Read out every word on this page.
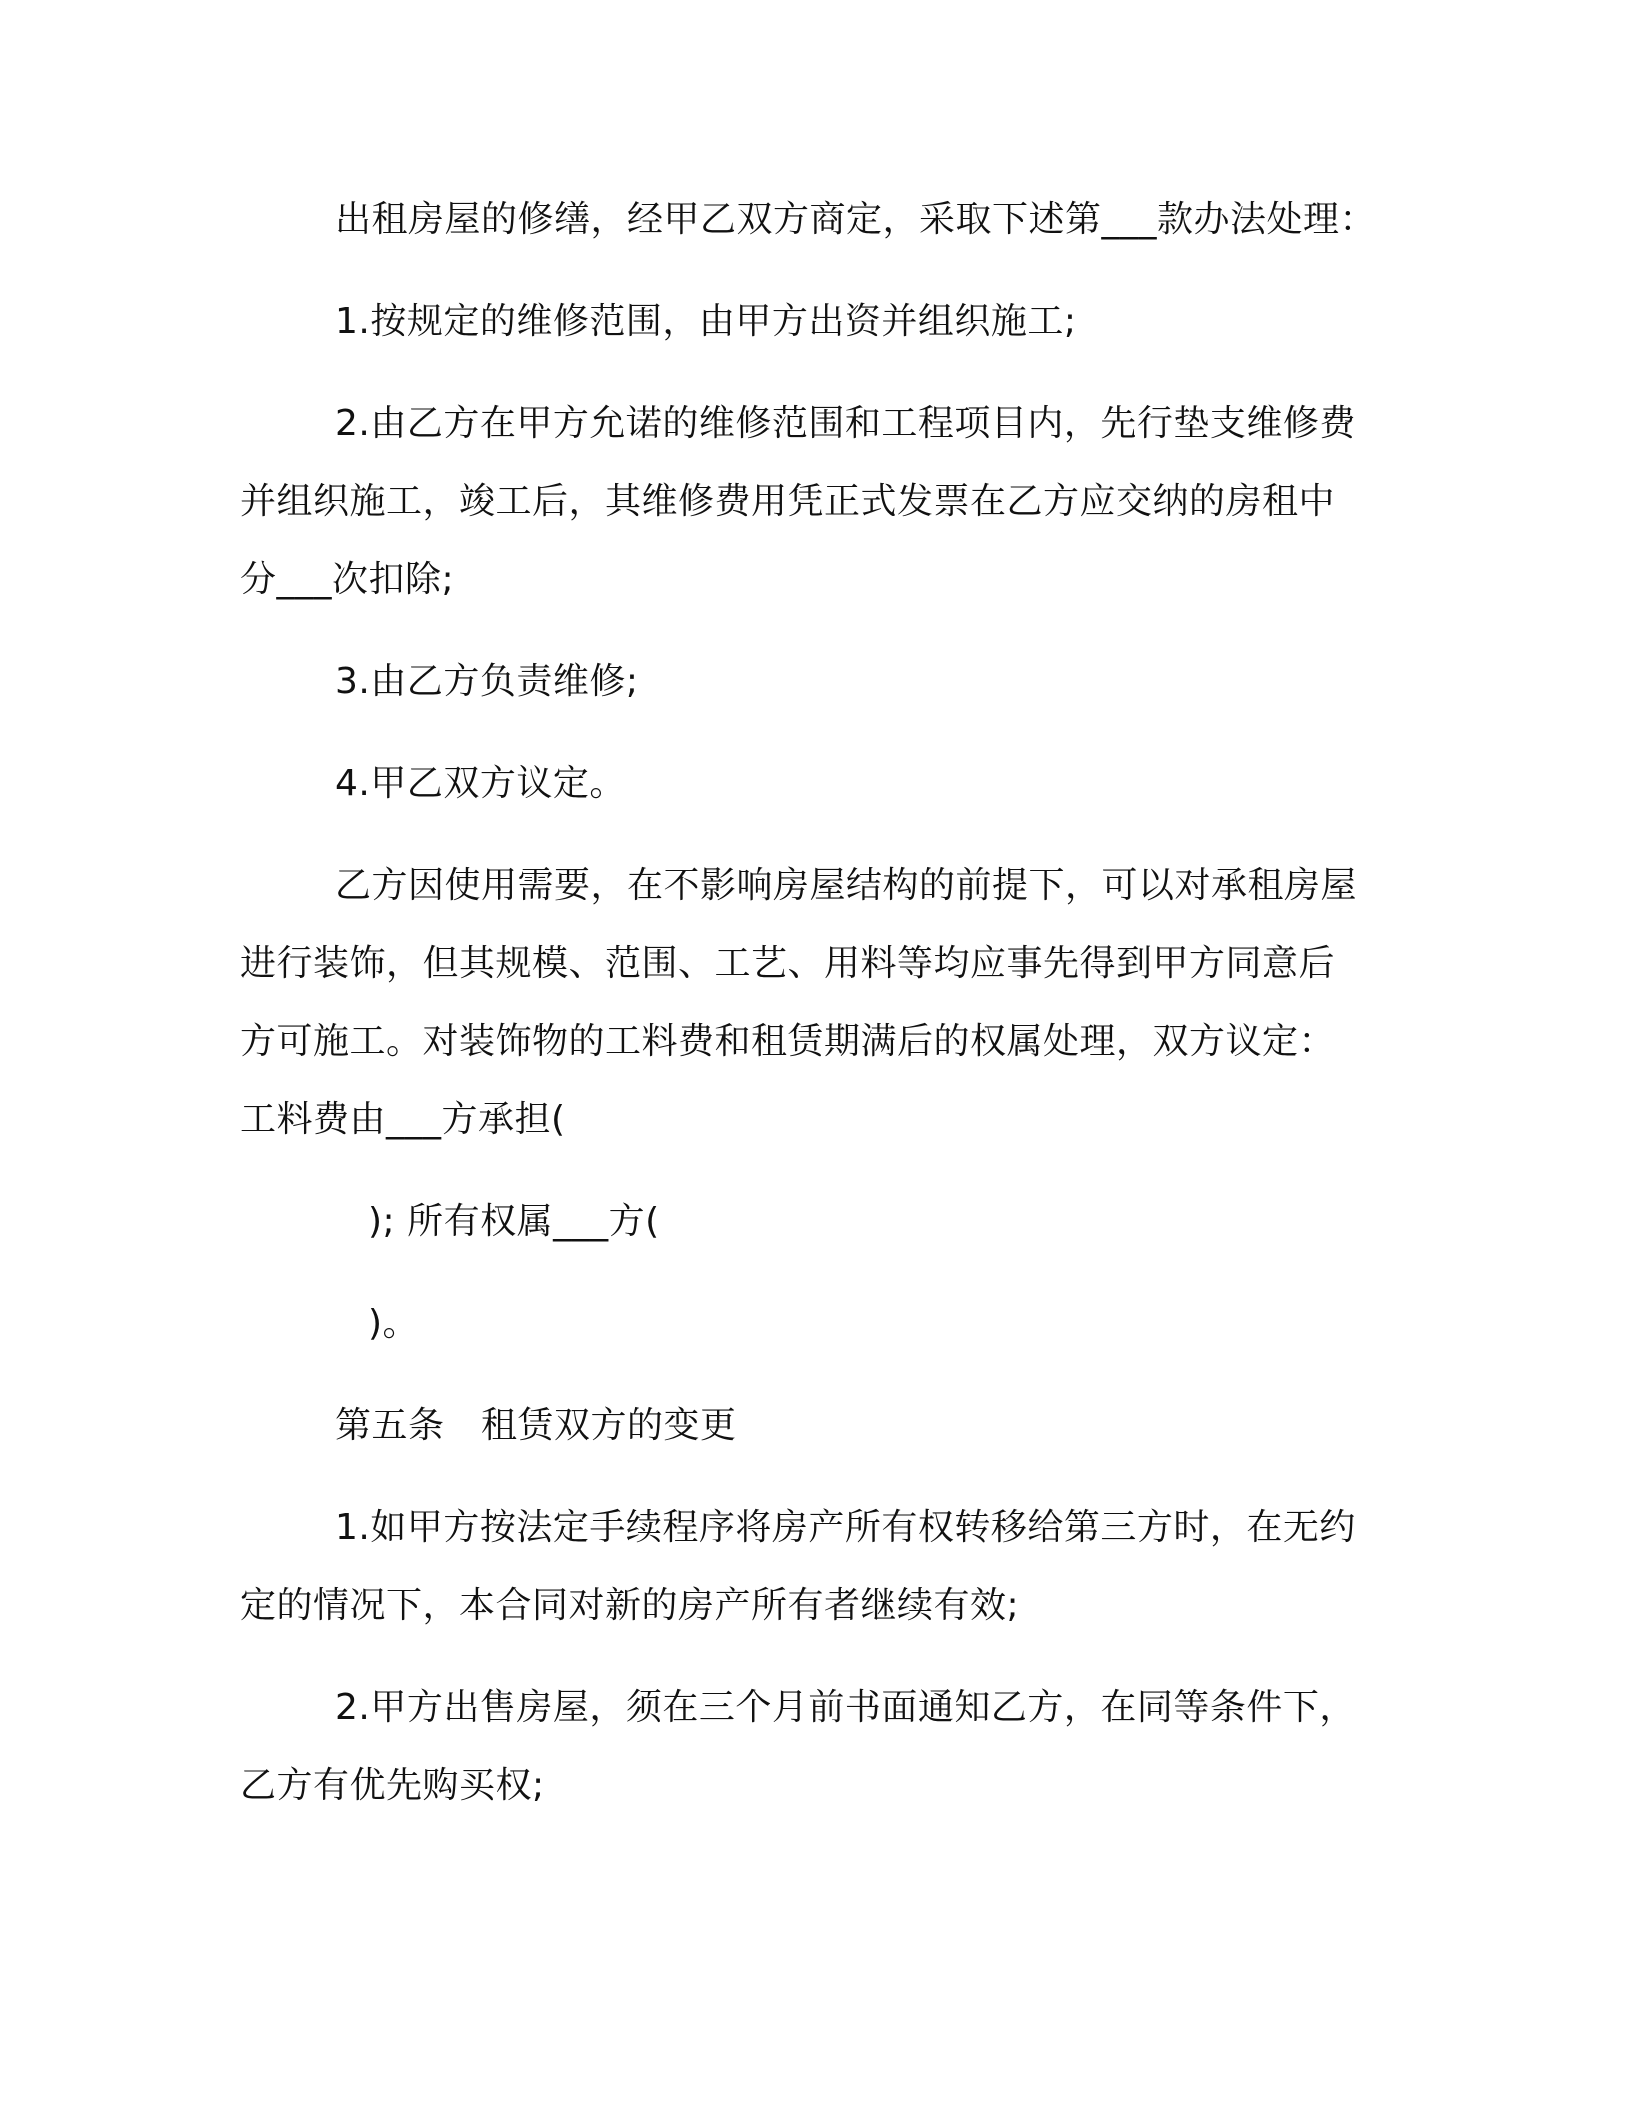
出租房屋的修缮，经甲乙双方商定，采取下述第___款办法处理：
1.按规定的维修范围，由甲方出资并组织施工;
2.由乙方在甲方允诺的维修范围和工程项目内，先行垫支维修费
并组织施工，竣工后，其维修费用凭正式发票在乙方应交纳的房租中
分___次扣除;
3.由乙方负责维修;
4.甲乙双方议定。
乙方因使用需要，在不影响房屋结构的前提下，可以对承租房屋
进行装饰，但其规模、范围、工艺、用料等均应事先得到甲方同意后
方可施工。对装饰物的工料费和租赁期满后的权属处理，双方议定：
工料费由___方承担(
); 所有权属___方(
)。
第五条　租赁双方的变更
1.如甲方按法定手续程序将房产所有权转移给第三方时，在无约
定的情况下，本合同对新的房产所有者继续有效;
2.甲方出售房屋，须在三个月前书面通知乙方，在同等条件下，
乙方有优先购买权;
